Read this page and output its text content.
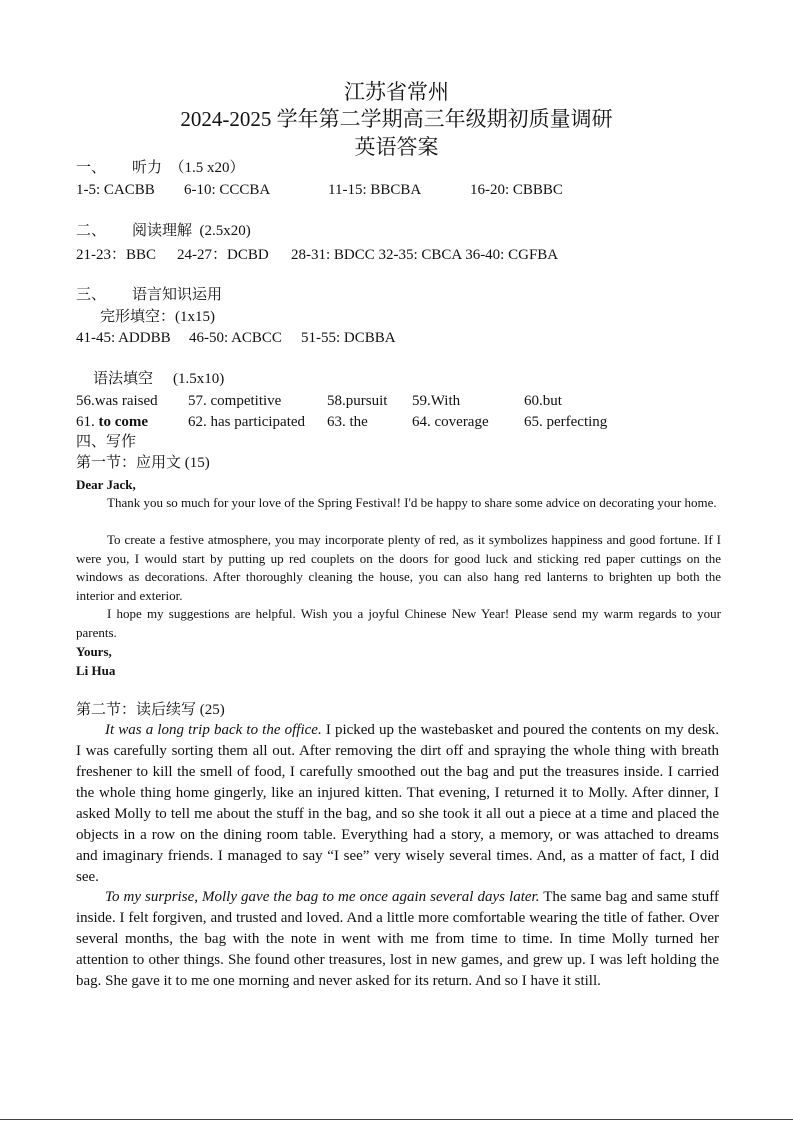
江苏省常州
2024-2025 学年第二学期高三年级期初质量调研
英语答案
一、 听力 （1.5 x20）
1-5: CACBB 6-10: CCCBA	11-15: BBCBA	16-20: CBBBC
二、 阅读理解 (2.5x20)
21-23：BBC 24-27：DCBD 28-31: BDCC 32-35: CBCA 36-40: CGFBA
三、 语言知识运用
完形填空：(1x15)
41-45: ADDBB 46-50: ACBCC 51-55: DCBBA
语法填空 (1.5x10)
56.was raised 57. competitive	58.pursuit 59.With	60.but
61. to come	62. has participated 63. the	64. coverage 65. perfecting
四、写作
第一节：应用文 (15)
Dear Jack,

Thank you so much for your love of the Spring Festival! I'd be happy to share some advice on decorating your home.

To create a festive atmosphere, you may incorporate plenty of red, as it symbolizes happiness and good fortune. If I were you, I would start by putting up red couplets on the doors for good luck and sticking red paper cuttings on the windows as decorations. After thoroughly cleaning the house, you can also hang red lanterns to brighten up both the interior and exterior.

I hope my suggestions are helpful. Wish you a joyful Chinese New Year! Please send my warm regards to your parents.

Yours,
Li Hua
第二节：读后续写 (25)

It was a long trip back to the office. I picked up the wastebasket and poured the contents on my desk. I was carefully sorting them all out. After removing the dirt off and spraying the whole thing with breath freshener to kill the smell of food, I carefully smoothed out the bag and put the treasures inside. I carried the whole thing home gingerly, like an injured kitten. That evening, I returned it to Molly. After dinner, I asked Molly to tell me about the stuff in the bag, and so she took it all out a piece at a time and placed the objects in a row on the dining room table. Everything had a story, a memory, or was attached to dreams and imaginary friends. I managed to say “I see” very wisely several times. And, as a matter of fact, I did see.

To my surprise, Molly gave the bag to me once again several days later. The same bag and same stuff inside. I felt forgiven, and trusted and loved. And a little more comfortable wearing the title of father. Over several months, the bag with the note in went with me from time to time. In time Molly turned her attention to other things. She found other treasures, lost in new games, and grew up. I was left holding the bag. She gave it to me one morning and never asked for its return. And so I have it still.
